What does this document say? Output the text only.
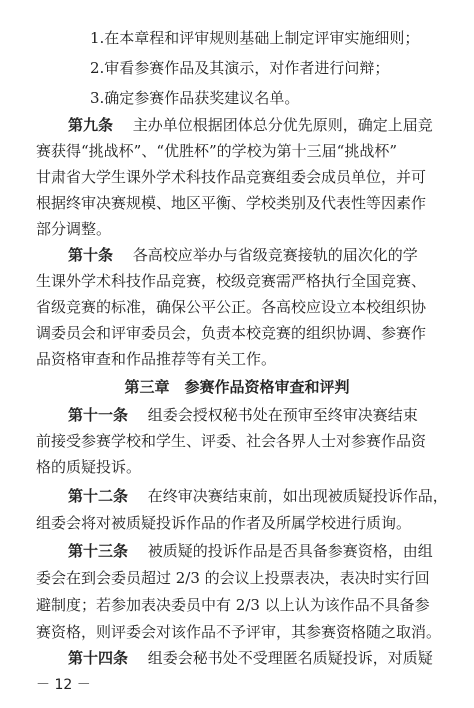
1.在本章程和评审规则基础上制定评审实施细则；
2.审看参赛作品及其演示，对作者进行问辩；
3.确定参赛作品获奖建议名单。
第九条　 主办单位根据团体总分优先原则，确定上届竞
赛获得“挑战杯”、“优胜杯”的学校为第十三届“挑战杯”
甘肃省大学生课外学术科技作品竞赛组委会成员单位，并可
根据终审决赛规模、地区平衡、学校类别及代表性等因素作
部分调整。
第十条　 各高校应举办与省级竞赛接轨的届次化的学
生课外学术科技作品竞赛，校级竞赛需严格执行全国竞赛、
省级竞赛的标准，确保公平公正。各高校应设立本校组织协
调委员会和评审委员会，负责本校竞赛的组织协调、参赛作
品资格审查和作品推荐等有关工作。
第三章　参赛作品资格审查和评判
第十一条　 组委会授权秘书处在预审至终审决赛结束
前接受参赛学校和学生、评委、社会各界人士对参赛作品资
格的质疑投诉。
第十二条　 在终审决赛结束前，如出现被质疑投诉作品，
组委会将对被质疑投诉作品的作者及所属学校进行质询。
第十三条　 被质疑的投诉作品是否具备参赛资格，由组
委会在到会委员超过 2/3 的会议上投票表决，表决时实行回
避制度；若参加表决委员中有 2/3 以上认为该作品不具备参
赛资格，则评委会对该作品不予评审，其参赛资格随之取消。
第十四条　 组委会秘书处不受理匿名质疑投诉，对质疑
－ 12 －
